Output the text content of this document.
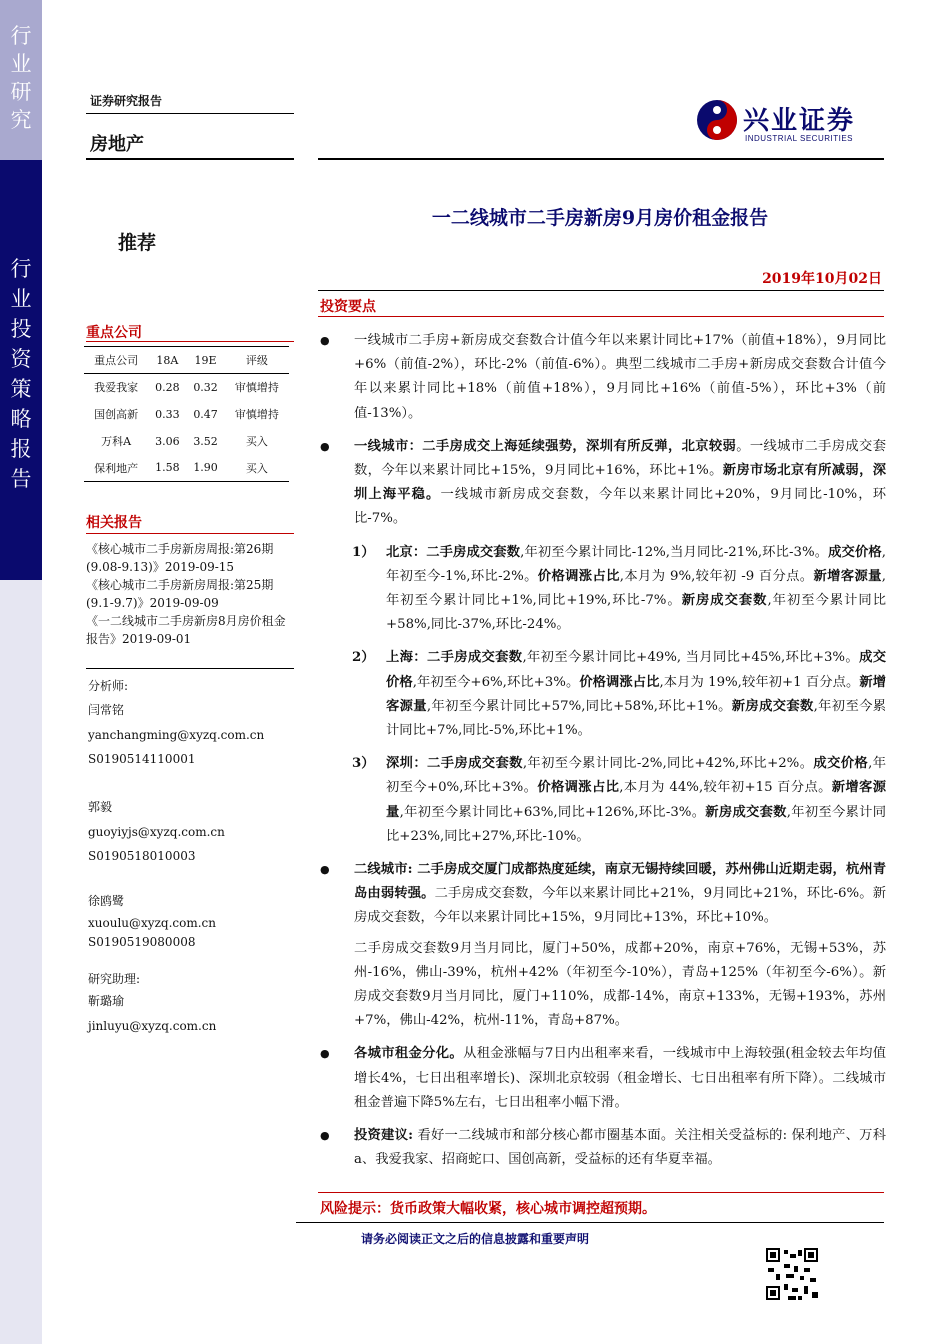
行
业
研
究
行
业
投
资
策
略
报
告
证券研究报告
房地产
兴业证券
INDUSTRIAL SECURITIES
一二线城市二手房新房9月房价租金报告
推荐
2019年10月02日
重点公司
重点公司	18A	19E	评级
我爱我家	0.28	0.32	审慎增持
国创高新	0.33	0.47	审慎增持
万科A	3.06	3.52	买入
保利地产	1.58	1.90	买入
相关报告
《核心城市二手房新房周报:第26期(9.08-9.13)》2019-09-15
《核心城市二手房新房周报:第25期(9.1-9.7)》2019-09-09
《一二线城市二手房新房8月房价租金报告》2019-09-01
分析师:
闫常铭
yanchangming@xyzq.com.cn
S0190514110001
郭毅
guoyiyjs@xyzq.com.cn
S0190518010003
徐鸥鹭
xuoulu@xyzq.com.cn
S0190519080008
研究助理:
靳璐瑜
jinluyu@xyzq.com.cn
投资要点
● 一线城市二手房+新房成交套数合计值今年以来累计同比+17%（前值+18%），9月同比+6%（前值-2%），环比-2%（前值-6%）。典型二线城市二手房+新房成交套数合计值今年以来累计同比+18%（前值+18%），9月同比+16%（前值-5%），环比+3%（前值-13%）。
● 一线城市：二手房成交上海延续强势，深圳有所反弹，北京较弱。一线城市二手房成交套数，今年以来累计同比+15%，9月同比+16%，环比+1%。新房市场北京有所减弱，深圳上海平稳。一线城市新房成交套数，今年以来累计同比+20%，9月同比-10%，环比-7%。
1） 北京：二手房成交套数,年初至今累计同比-12%,当月同比-21%,环比-3%。成交价格,年初至今-1%,环比-2%。价格调涨占比,本月为 9%,较年初 -9 百分点。新增客源量,年初至今累计同比+1%,同比+19%,环比-7%。新房成交套数,年初至今累计同比+58%,同比-37%,环比-24%。
2） 上海：二手房成交套数,年初至今累计同比+49%, 当月同比+45%,环比+3%。成交价格,年初至今+6%,环比+3%。价格调涨占比,本月为 19%,较年初+1 百分点。新增客源量,年初至今累计同比+57%,同比+58%,环比+1%。新房成交套数,年初至今累计同比+7%,同比-5%,环比+1%。
3） 深圳：二手房成交套数,年初至今累计同比-2%,同比+42%,环比+2%。成交价格,年初至今+0%,环比+3%。价格调涨占比,本月为 44%,较年初+15 百分点。新增客源量,年初至今累计同比+63%,同比+126%,环比-3%。新房成交套数,年初至今累计同比+23%,同比+27%,环比-10%。
● 二线城市: 二手房成交厦门成都热度延续，南京无锡持续回暖，苏州佛山近期走弱，杭州青岛由弱转强。二手房成交套数，今年以来累计同比+21%，9月同比+21%，环比-6%。新房成交套数，今年以来累计同比+15%，9月同比+13%，环比+10%。
二手房成交套数9月当月同比，厦门+50%，成都+20%，南京+76%，无锡+53%，苏州-16%，佛山-39%，杭州+42%（年初至今-10%），青岛+125%（年初至今-6%）。新房成交套数9月当月同比，厦门+110%，成都-14%，南京+133%，无锡+193%，苏州+7%，佛山-42%，杭州-11%，青岛+87%。
● 各城市租金分化。从租金涨幅与7日内出租率来看，一线城市中上海较强(租金较去年均值增长4%，七日出租率增长)、深圳北京较弱（租金增长、七日出租率有所下降）。二线城市租金普遍下降5%左右，七日出租率小幅下滑。
● 投资建议: 看好一二线城市和部分核心都市圈基本面。关注相关受益标的: 保利地产、万科a、我爱我家、招商蛇口、国创高新，受益标的还有华夏幸福。
风险提示：货币政策大幅收紧，核心城市调控超预期。
请务必阅读正文之后的信息披露和重要声明
